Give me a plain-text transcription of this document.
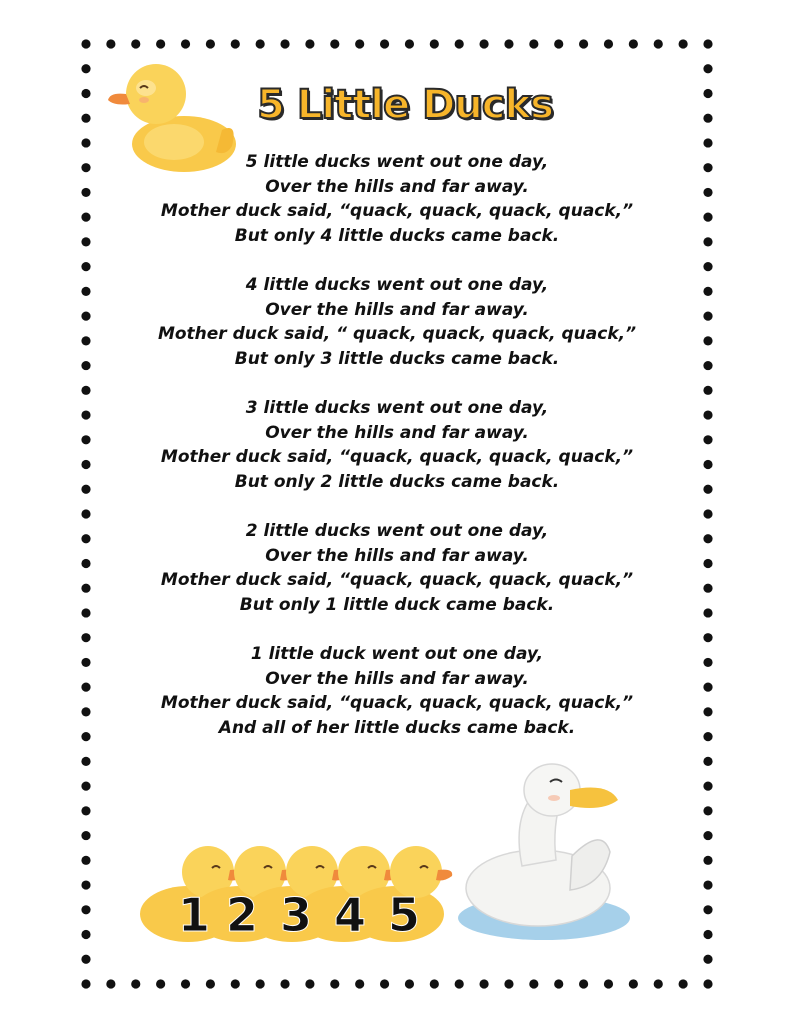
5 Little Ducks
5 little ducks went out one day,
Over the hills and far away.
Mother duck said, “quack, quack, quack, quack,”
But only 4 little ducks came back.
4 little ducks went out one day,
Over the hills and far away.
Mother duck said, “ quack, quack, quack, quack,”
But only 3 little ducks came back.
3 little ducks went out one day,
Over the hills and far away.
Mother duck said, “quack, quack, quack, quack,”
But only 2 little ducks came back.
2 little ducks went out one day,
Over the hills and far away.
Mother duck said, “quack, quack, quack, quack,”
But only 1 little duck came back.
1 little duck went out one day,
Over the hills and far away.
Mother duck said, “quack, quack, quack, quack,”
And all of her little ducks came back.
1 2 3 4 5
